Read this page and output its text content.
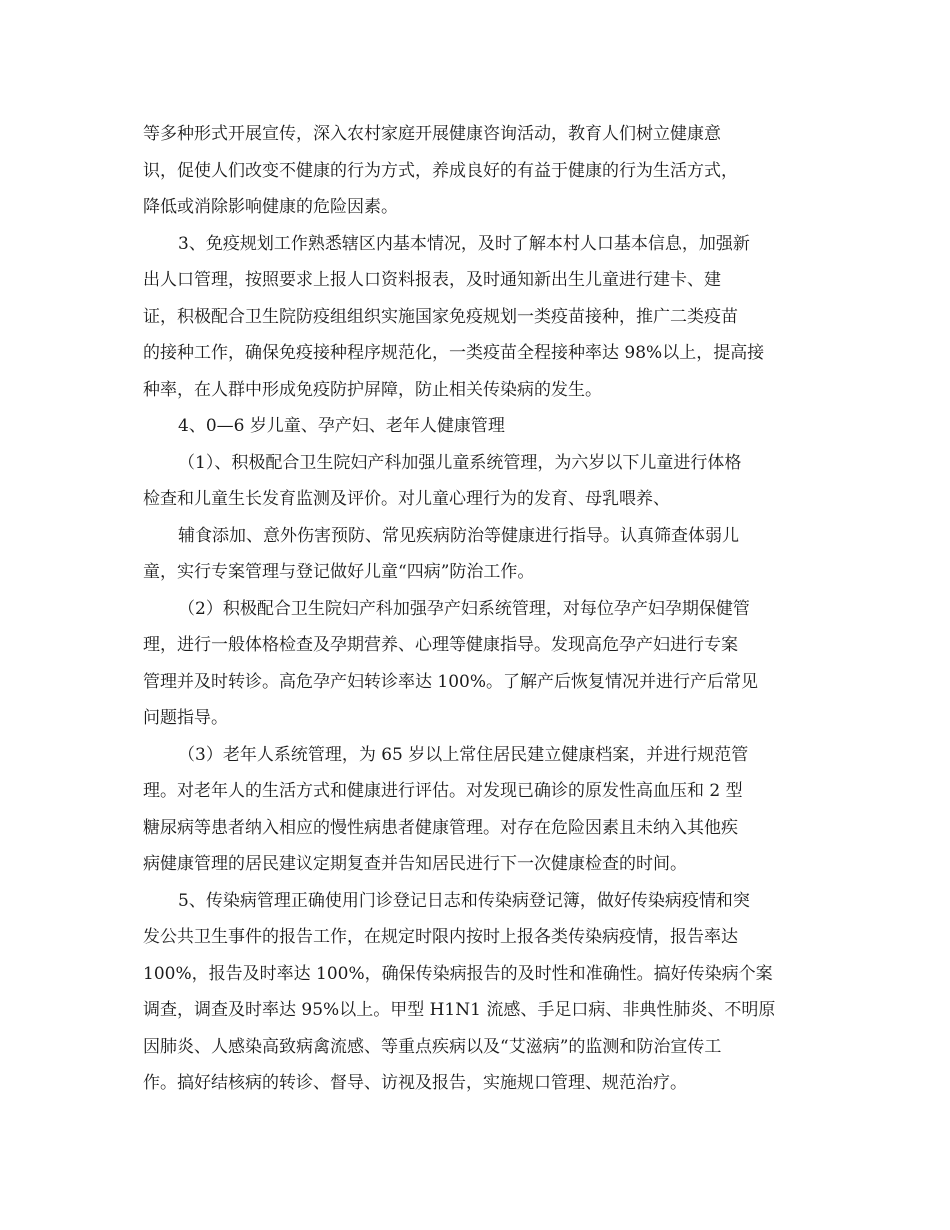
等多种形式开展宣传，深入农村家庭开展健康咨询活动，教育人们树立健康意
识，促使人们改变不健康的行为方式，养成良好的有益于健康的行为生活方式，
降低或消除影响健康的危险因素。
3、免疫规划工作熟悉辖区内基本情况，及时了解本村人口基本信息，加强新
出人口管理，按照要求上报人口资料报表，及时通知新出生儿童进行建卡、建
证，积极配合卫生院防疫组组织实施国家免疫规划一类疫苗接种，推广二类疫苗
的接种工作，确保免疫接种程序规范化，一类疫苗全程接种率达 98%以上，提高接
种率，在人群中形成免疫防护屏障，防止相关传染病的发生。
4、0—6 岁儿童、孕产妇、老年人健康管理
（1）、积极配合卫生院妇产科加强儿童系统管理，为六岁以下儿童进行体格
检查和儿童生长发育监测及评价。对儿童心理行为的发育、母乳喂养、
辅食添加、意外伤害预防、常见疾病防治等健康进行指导。认真筛查体弱儿
童，实行专案管理与登记做好儿童“四病”防治工作。
（2）积极配合卫生院妇产科加强孕产妇系统管理，对每位孕产妇孕期保健管
理，进行一般体格检查及孕期营养、心理等健康指导。发现高危孕产妇进行专案
管理并及时转诊。高危孕产妇转诊率达 100%。了解产后恢复情况并进行产后常见
问题指导。
（3）老年人系统管理，为 65 岁以上常住居民建立健康档案，并进行规范管
理。对老年人的生活方式和健康进行评估。对发现已确诊的原发性高血压和 2 型
糖尿病等患者纳入相应的慢性病患者健康管理。对存在危险因素且未纳入其他疾
病健康管理的居民建议定期复查并告知居民进行下一次健康检查的时间。
5、传染病管理正确使用门诊登记日志和传染病登记簿，做好传染病疫情和突
发公共卫生事件的报告工作，在规定时限内按时上报各类传染病疫情，报告率达
100%，报告及时率达 100%，确保传染病报告的及时性和准确性。搞好传染病个案
调查，调查及时率达 95%以上。甲型 H1N1 流感、手足口病、非典性肺炎、不明原
因肺炎、人感染高致病禽流感、等重点疾病以及“艾滋病”的监测和防治宣传工
作。搞好结核病的转诊、督导、访视及报告，实施规口管理、规范治疗。
